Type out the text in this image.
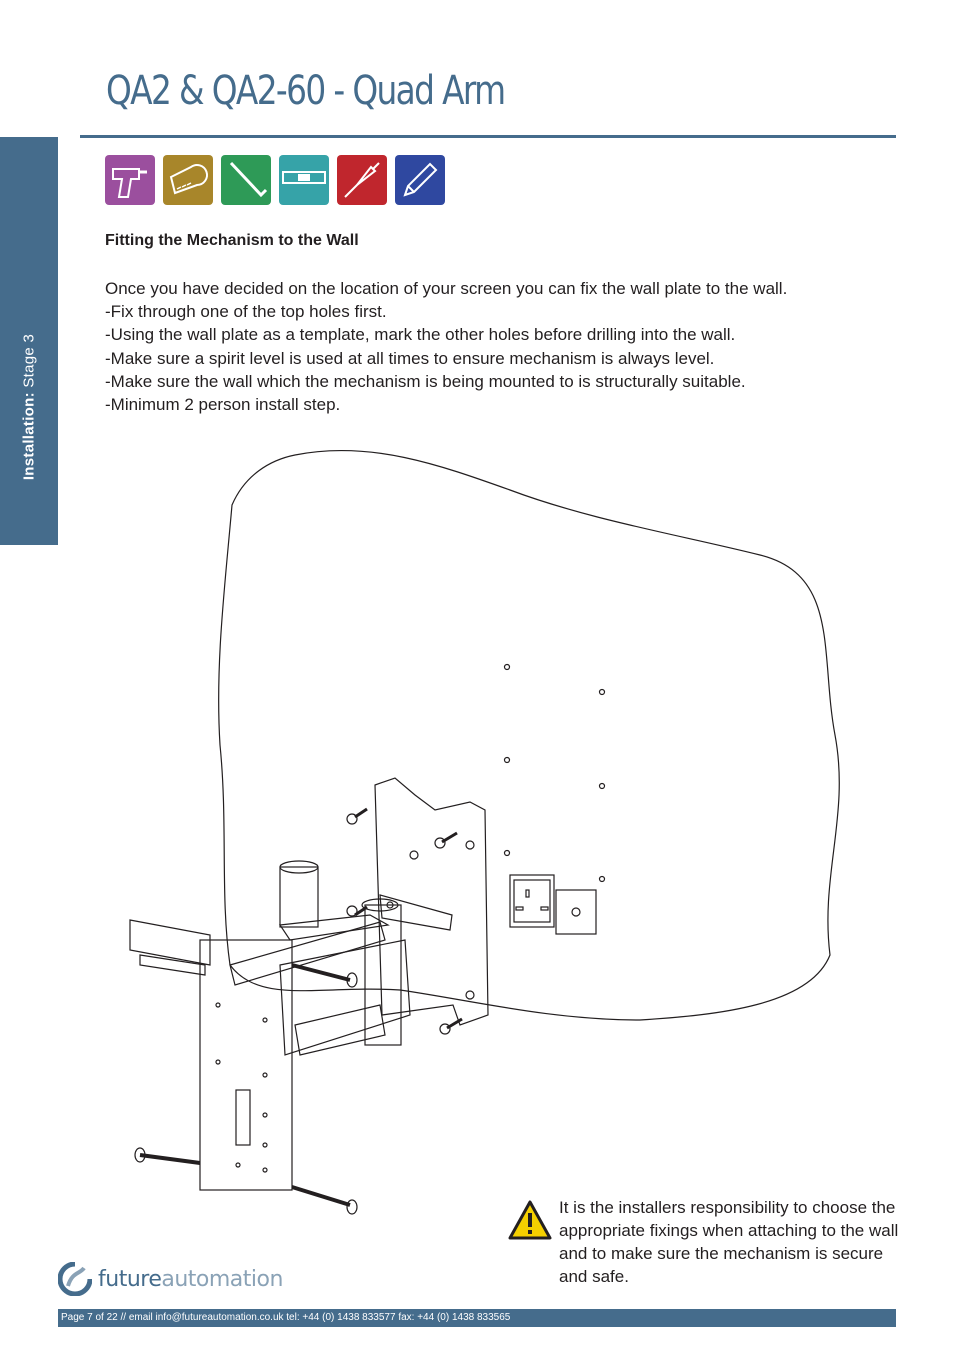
Installation: Stage 3
QA2 & QA2-60 - Quad Arm
Fitting the Mechanism to the Wall

Once you have decided on the location of your screen you can fix the wall plate to the wall.

-Fix through one of the top holes first.

-Using the wall plate as a template, mark the other holes before drilling into the wall.

-Make sure a spirit level is used at all times to ensure mechanism is always level.

-Make sure the wall which the mechanism is being mounted to is structurally suitable.

-Minimum 2 person install step.

It is the installers responsibility to choose the appropriate fixings when attaching to the wall and to make sure the mechanism is secure and safe.
futureautomation
Page 7 of 22 // email info@futureautomation.co.uk tel: +44 (0) 1438 833577 fax: +44 (0) 1438 833565
